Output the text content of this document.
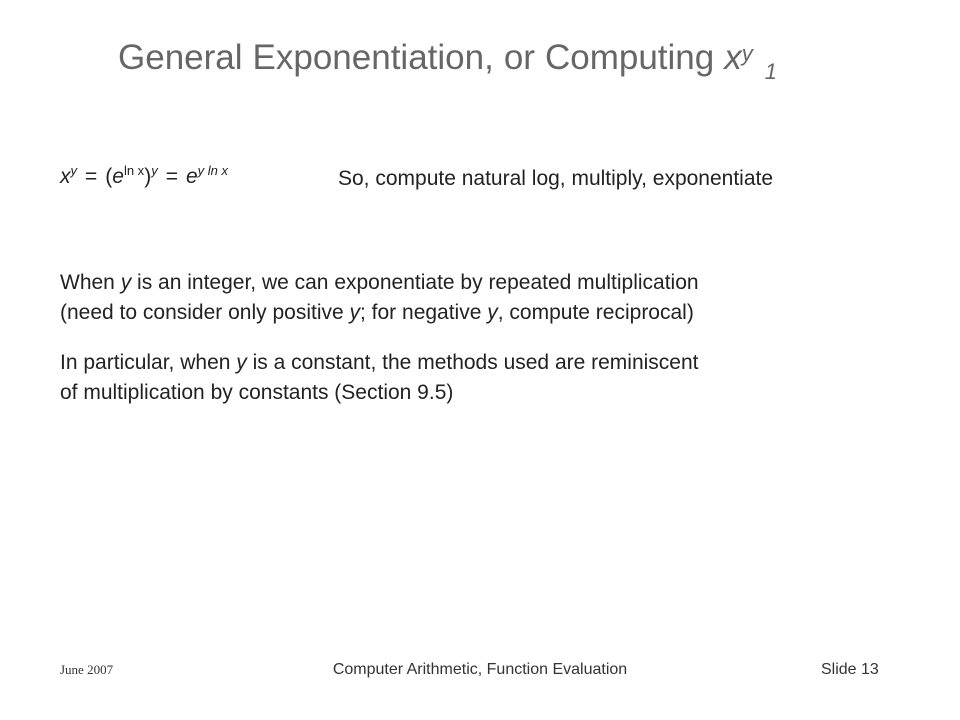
General Exponentiation, or Computing $x^y_1$
$x^y = (e^{ln x})^y = e^{y ln x}$	So, compute natural log, multiply, exponentiate
When y is an integer, we can exponentiate by repeated multiplication
(need to consider only positive y; for negative y, compute reciprocal)
In particular, when y is a constant, the methods used are reminiscent
of multiplication by constants (Section 9.5)
June 2007	Computer Arithmetic, Function Evaluation	Slide 13
